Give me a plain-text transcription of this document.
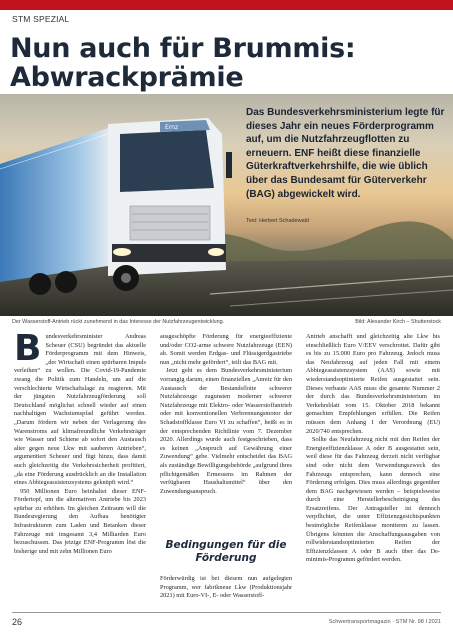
STM SPEZIAL
Nun auch für Brummis:
Abwrackprämie
Ernz

Das Bundesverkehrsministerium legte für dieses Jahr ein neues Förderprogramm auf, um die Nutzfahrzeugflotten zu erneuern. ENF heißt diese finanzielle Güterkraftverkehrshilfe, die wie üblich über das Bundesamt für Güterverkehr (BAG) abgewickelt wird.

Text: Herbert Schadewald
Der Wasserstoff-Antrieb rückt zunehmend in das Interesse der Nutzfahrzeugentwicklung.	Bild: Alexander Kirch – Shutterstock
B undesverkehrsminister Andreas Scheuer (CSU) begründet das aktuelle Förderprogramm mit dem Hinweis, „der Wirtschaft einen spürbaren Impuls verleihen“ zu wollen. Die Covid-19-Pandemie zwang die Politik zum Handeln, um auf die verschlechterte Wirtschaftslage zu reagieren. Mit der jüngsten Nutzfahrzeugförderung soll Deutschland möglichst schnell wieder auf einen nachhaltigen Wachstumspfad geführt werden. „Darum fördern wir neben der Verlagerung des Warenstroms auf klimafreundliche Verkehrsträger wie Wasser und Schiene ab sofort den Austausch alter gegen neue Lkw mit sauberen Antrieben“, argumentiert Scheuer und fügt hinzu, dass damit auch gleichzeitig die Verkehrssicherheit profitiert, „da eine Förderung ausdrücklich an die Installation eines Abbiegeassistenzsystems geknüpft wird.“

950 Millionen Euro beinhaltet dieser ENF-Fördertopf, um die alternativen Antriebe bis 2023 spürbar zu erhöhen. Im gleichen Zeitraum will die Bundesregierung den Aufbau benötigter Infrastrukturen zum Laden und Betanken dieser Fahrzeuge mit insgesamt 3,4 Milliarden Euro bezuschussen. Das jetzige ENF-Programm löst die bisherige und mit zehn Millionen Euro

ausgeschöpfte Förderung für energieeffiziente und/oder CO2-arme schwere Nutzfahrzeuge (EEN) ab. Somit werden Erdgas- und Flüssigerdgastriebe nun „nicht mehr gefördert“, teilt das BAG mit.

Jetzt geht es dem Bundesverkehrsministerium vorrangig darum, einen finanziellen „Anreiz für den Austausch der Bestandsflotte schwerer Nutzfahrzeuge zugunsten moderner schwerer Nutzfahrzeuge mit Elektro- oder Wasserstoffantrieb oder mit konventionellen Verbrennungsmotor der Schadstoffklasse Euro VI zu schaffen“, heißt es in der entsprechenden Richtlinie vom 7. Dezember 2020. Allerdings wurde auch festgeschrieben, dass es keinen „Anspruch auf Gewährung einer Zuwendung“ gebe. Vielmehr entscheidet das BAG als zuständige Bewilligungsbehörde „aufgrund ihres pflichtgemäßen Ermessens im Rahmen der verfügbaren Haushaltsmittel“ über den Zuwendungsanspruch.

Bedingungen für die Förderung

Förderwürdig ist bei diesem nun aufgelegten Programm, wer fabrikneue Lkw (Produktionsjahr 2021) mit Euro-VI-, E- oder Wasserstoff-

Antrieb anschafft und gleichzeitig alte Lkw bis einschließlich Euro V/EEV verschrottet. Dafür gibt es bis zu 15.000 Euro pro Fahrzeug. Jedoch muss das Neufahrzeug auf jeden Fall mit einem Abbiegeassistenzsystem (AAS) sowie mit wiederstandsoptimierte Reifen ausgestattet sein. Dieses verbaute AAS muss die gesamte Nummer 2 der durch das Bundesverkehrsministerium im Verkehrsblatt vom 15. Oktober 2018 bekannt gemachten Empfehlungen erfüllen. Die Reifen müssen dem Anhang I der Verordnung (EU) 2020/740 entsprechen.

Sollte das Neufahrzeug nicht mit den Reifen der Energieeffizienzklasse A oder B ausgestattet sein, weil diese für das Fahrzeug derzeit nicht verfügbar sind oder nicht dem Verwendungszweck des Fahrzeugs entsprechen, kann dennoch eine Förderung erfolgen. Dies muss allerdings gegenüber dem BAG nachgewiesen werden – beispielsweise durch eine Herstellerbescheinigung des Ersatzreifens. Der Antragsteller ist dennoch verpflichtet, die unter Effizienzgesichtspunkten bestmögliche Reifenklasse montieren zu lassen. Übrigens könnten die Anschaffungsausgaben von rollwiderstandsoptimierten Reifen der Effizienzklassen A oder B auch über das De-minimis-Programm gefördert werden.

26	Schwertransportmagazin · STM Nr. 98 I 2021
